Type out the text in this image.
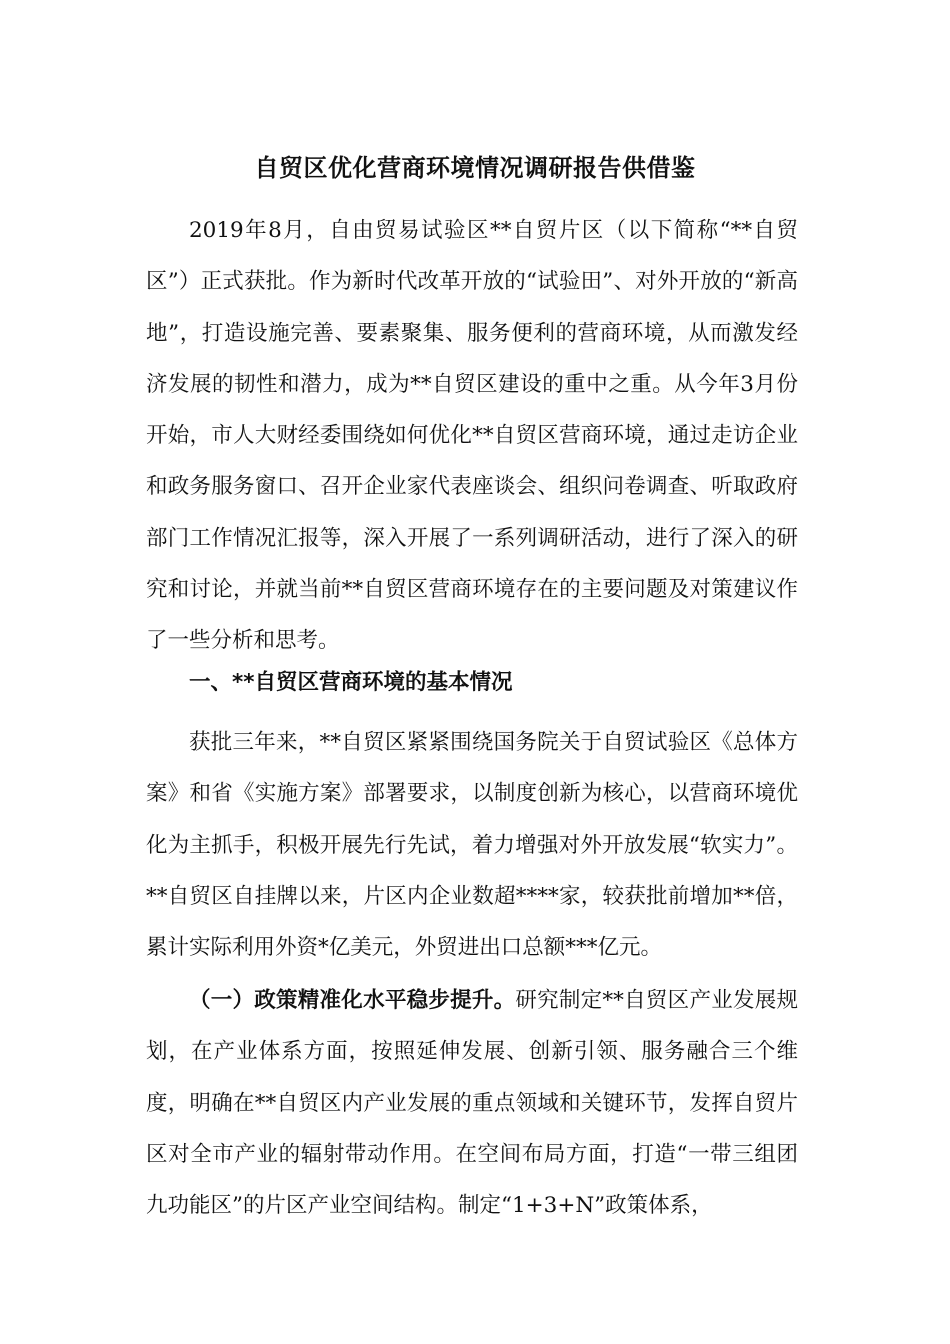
自贸区优化营商环境情况调研报告供借鉴

2019年8月，自由贸易试验区**自贸片区（以下简称“**自贸区”）正式获批。作为新时代改革开放的“试验田”、对外开放的“新高地”，打造设施完善、要素聚集、服务便利的营商环境，从而激发经济发展的韧性和潜力，成为**自贸区建设的重中之重。从今年3月份开始，市人大财经委围绕如何优化**自贸区营商环境，通过走访企业和政务服务窗口、召开企业家代表座谈会、组织问卷调查、听取政府部门工作情况汇报等，深入开展了一系列调研活动，进行了深入的研究和讨论，并就当前**自贸区营商环境存在的主要问题及对策建议作了一些分析和思考。

一、**自贸区营商环境的基本情况

获批三年来，**自贸区紧紧围绕国务院关于自贸试验区《总体方案》和省《实施方案》部署要求，以制度创新为核心，以营商环境优化为主抓手，积极开展先行先试，着力增强对外开放发展“软实力”。**自贸区自挂牌以来，片区内企业数超****家，较获批前增加**倍，累计实际利用外资*亿美元，外贸进出口总额***亿元。

（一）政策精准化水平稳步提升。研究制定**自贸区产业发展规划，在产业体系方面，按照延伸发展、创新引领、服务融合三个维度，明确在**自贸区内产业发展的重点领域和关键环节，发挥自贸片区对全市产业的辐射带动作用。在空间布局方面，打造“一带三组团九功能区”的片区产业空间结构。制定“1+3+N”政策体系，
